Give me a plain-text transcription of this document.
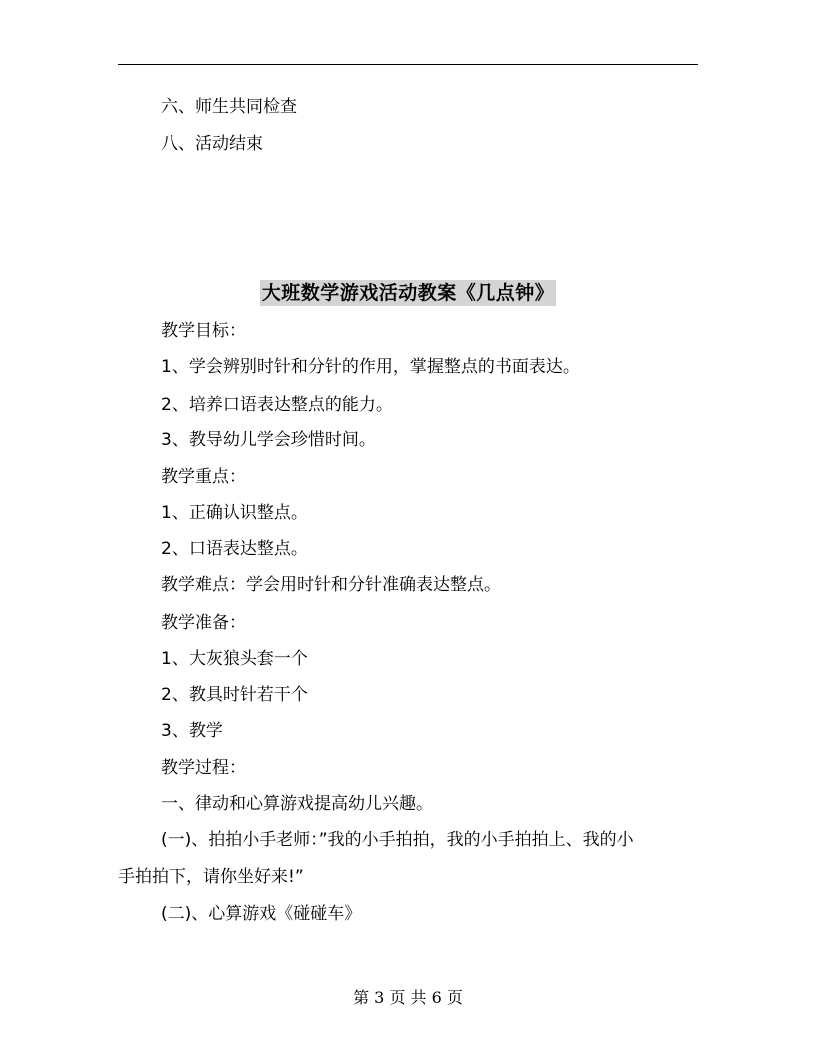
六、师生共同检查
八、活动结束
大班数学游戏活动教案《几点钟》
教学目标：
1、学会辨别时针和分针的作用，掌握整点的书面表达。
2、培养口语表达整点的能力。
3、教导幼儿学会珍惜时间。
教学重点：
1、正确认识整点。
2、口语表达整点。
教学难点：学会用时针和分针准确表达整点。
教学准备：
1、大灰狼头套一个
2、教具时针若干个
3、教学
教学过程：
一、律动和心算游戏提高幼儿兴趣。
(一)、拍拍小手老师：”我的小手拍拍，我的小手拍拍上、我的小
手拍拍下，请你坐好来!”
(二)、心算游戏《碰碰车》
第 3 页 共 6 页
